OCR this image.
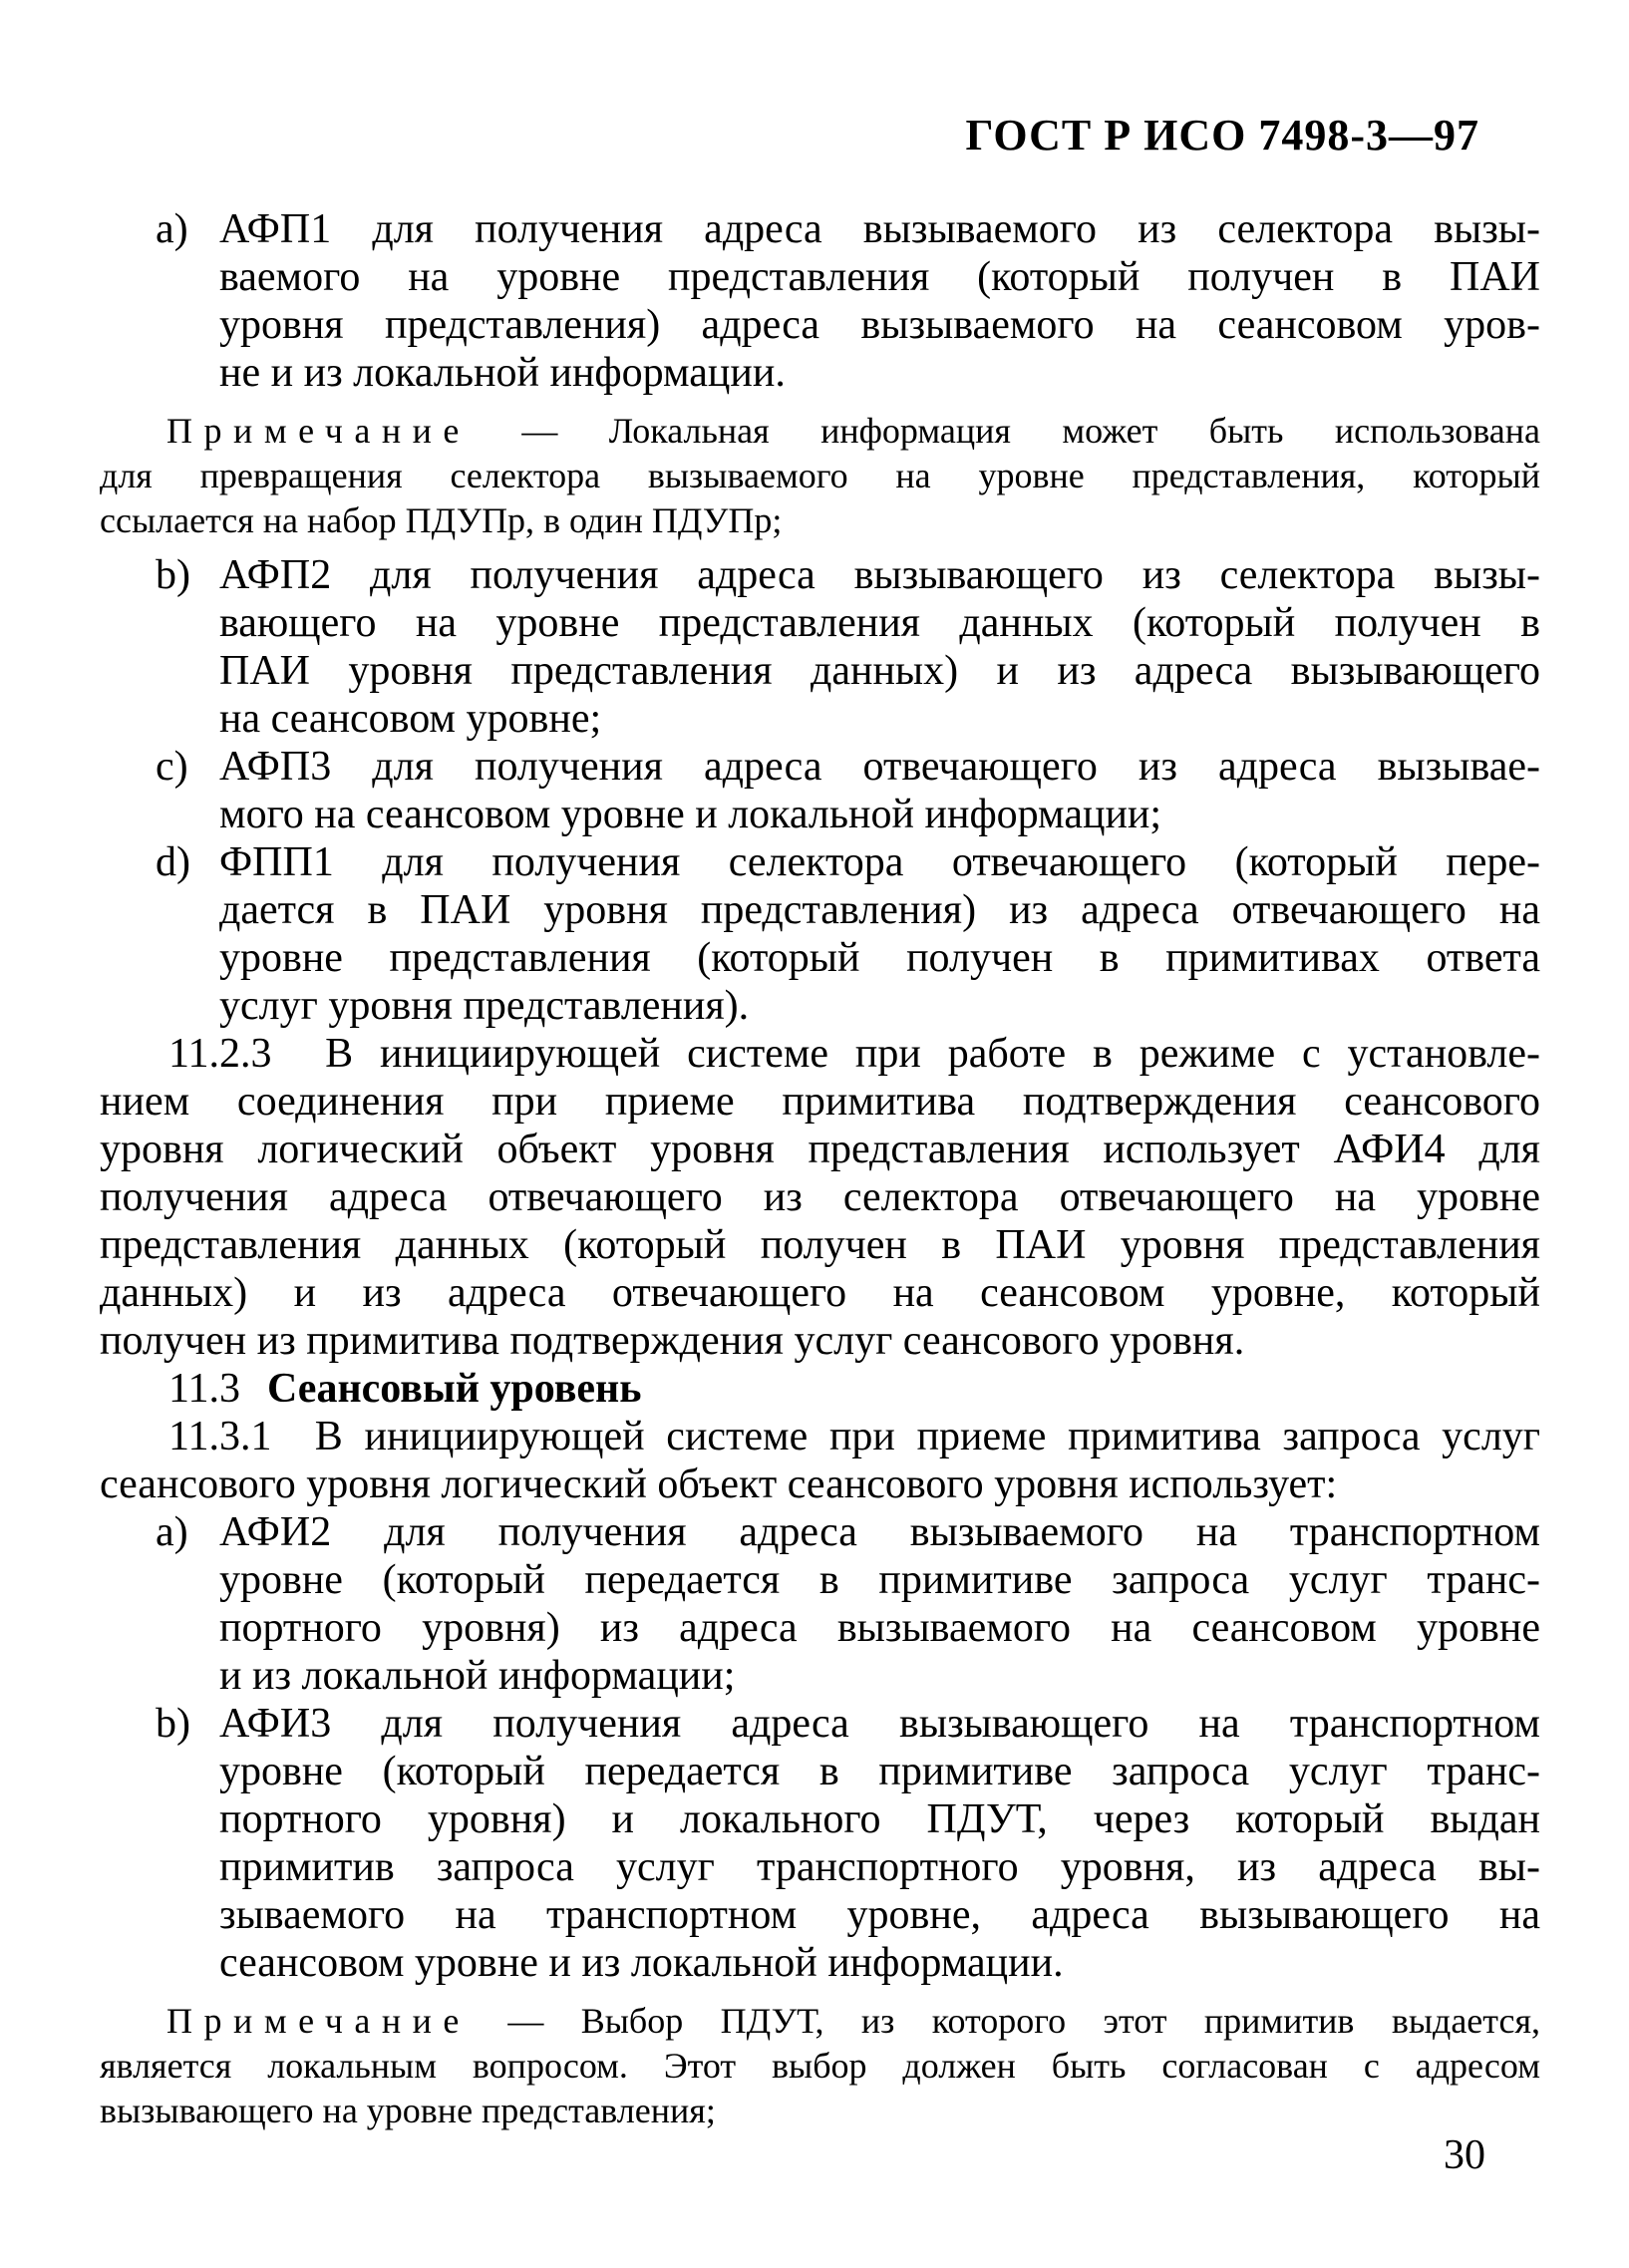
ГОСТ Р ИСО 7498-3—97
a) АФП1 для получения адреса вызываемого из селектора вызы-
ваемого на уровне представления (который получен в ПАИ
уровня представления) адреса вызываемого на сеансовом уров-
не и из локальной информации.
Примечание — Локальная информация может быть использована
для превращения селектора вызываемого на уровне представления, который
ссылается на набор ПДУПр, в один ПДУПр;
b) АФП2 для получения адреса вызывающего из селектора вызы-
вающего на уровне представления данных (который получен в
ПАИ уровня представления данных) и из адреса вызывающего
на сеансовом уровне;
c) АФП3 для получения адреса отвечающего из адреса вызывае-
мого на сеансовом уровне и локальной информации;
d) ФПП1 для получения селектора отвечающего (который пере-
дается в ПАИ уровня представления) из адреса отвечающего на
уровне представления (который получен в примитивах ответа
услуг уровня представления).
11.2.3  В инициирующей системе при работе в режиме с установле-
нием соединения при приеме примитива подтверждения сеансового
уровня логический объект уровня представления использует АФИ4 для
получения адреса отвечающего из селектора отвечающего на уровне
представления данных (который получен в ПАИ уровня представления
данных) и из адреса отвечающего на сеансовом уровне, который
получен из примитива подтверждения услуг сеансового уровня.
11.3 Сеансовый уровень
11.3.1  В инициирующей системе при приеме примитива запроса услуг
сеансового уровня логический объект сеансового уровня использует:
a) АФИ2 для получения адреса вызываемого на транспортном
уровне (который передается в примитиве запроса услуг транс-
портного уровня) из адреса вызываемого на сеансовом уровне
и из локальной информации;
b) АФИ3 для получения адреса вызывающего на транспортном
уровне (который передается в примитиве запроса услуг транс-
портного уровня) и локального ПДУТ, через который выдан
примитив запроса услуг транспортного уровня, из адреса вы-
зываемого на транспортном уровне, адреса вызывающего на
сеансовом уровне и из локальной информации.
Примечание — Выбор ПДУТ, из которого этот примитив выдается,
является локальным вопросом. Этот выбор должен быть согласован с адресом
вызывающего на уровне представления;
30
